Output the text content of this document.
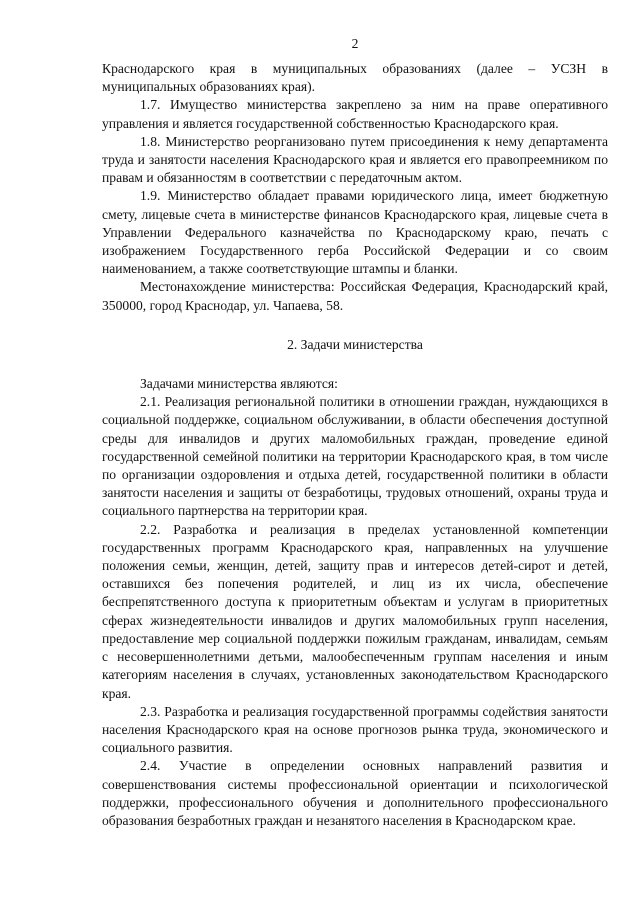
2

Краснодарского края в муниципальных образованиях (далее – УСЗН в муниципальных образованиях края).

1.7. Имущество министерства закреплено за ним на праве оперативного управления и является государственной собственностью Краснодарского края.

1.8. Министерство реорганизовано путем присоединения к нему департамента труда и занятости населения Краснодарского края и является его правопреемником по правам и обязанностям в соответствии с передаточным актом.

1.9. Министерство обладает правами юридического лица, имеет бюджетную смету, лицевые счета в министерстве финансов Краснодарского края, лицевые счета в Управлении Федерального казначейства по Краснодарскому краю, печать с изображением Государственного герба Российской Федерации и со своим наименованием, а также соответствующие штампы и бланки.

Местонахождение министерства: Российская Федерация, Краснодарский край, 350000, город Краснодар, ул. Чапаева, 58.

2. Задачи министерства

Задачами министерства являются:

2.1. Реализация региональной политики в отношении граждан, нуждающихся в социальной поддержке, социальном обслуживании, в области обеспечения доступной среды для инвалидов и других маломобильных граждан, проведение единой государственной семейной политики на территории Краснодарского края, в том числе по организации оздоровления и отдыха детей, государственной политики в области занятости населения и защиты от безработицы, трудовых отношений, охраны труда и социального партнерства на территории края.

2.2. Разработка и реализация в пределах установленной компетенции государственных программ Краснодарского края, направленных на улучшение положения семьи, женщин, детей, защиту прав и интересов детей-сирот и детей, оставшихся без попечения родителей, и лиц из их числа, обеспечение беспрепятственного доступа к приоритетным объектам и услугам в приоритетных сферах жизнедеятельности инвалидов и других маломобильных групп населения, предоставление мер социальной поддержки пожилым гражданам, инвалидам, семьям с несовершеннолетними детьми, малообеспеченным группам населения и иным категориям населения в случаях, установленных законодательством Краснодарского края.

2.3. Разработка и реализация государственной программы содействия занятости населения Краснодарского края на основе прогнозов рынка труда, экономического и социального развития.

2.4. Участие в определении основных направлений развития и совершенствования системы профессиональной ориентации и психологической поддержки, профессионального обучения и дополнительного профессионального образования безработных граждан и незанятого населения в Краснодарском крае.
